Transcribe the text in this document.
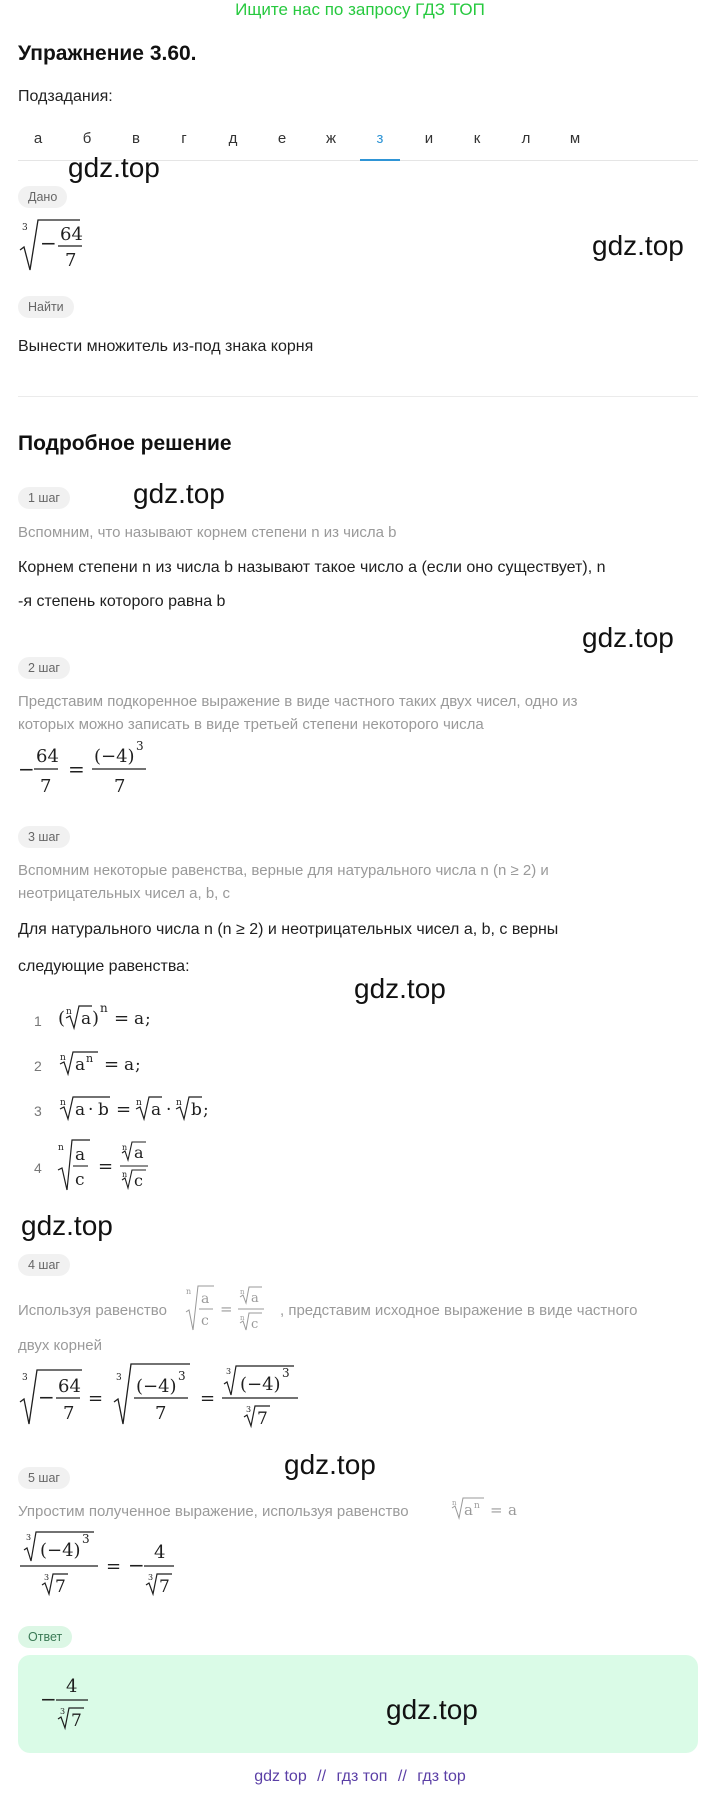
Ищите нас по запросу ГДЗ ТОП
Упражнение 3.60.
Подзадания:
а	б	в	г	д	е	ж	з	и	к	л	м
gdz.top
Дано
3
− 64
7	gdz.top
Найти
Вынести множитель из-под знака корня
Подробное решение
1 шаг	gdz.top
Вспомним, что называют корнем степени n из числа b
Корнем степени n из числа b называют такое число a (если оно существует), n
-я степень которого равна b
gdz.top
2 шаг
Представим подкоренное выражение в виде частного таких двух чисел, одно из
которых можно записать в виде третьей степени некоторого числа
−
64
7
=
(−4) 3
7
3 шаг
Вспомним некоторые равенства, верные для натурального числа n (n ≥ 2) и
неотрицательных чисел a, b, c
Для натурального числа n (n ≥ 2) и неотрицательных чисел a, b, c верны
следующие равенства:
gdz.top
1 ( n a ) n = a ;
2 n a n = a ;
3 n a · b = n a · n b ;
4
n a
c
=
n a
n c
gdz.top
4 шаг
Используя равенство
n a
c
=
n a
n c
, представим исходное выражение в виде частного
двух корней
3
− 64
7
=
3 (−4) 3
7
=
3
(−4)
3
3 7
gdz.top
5 шаг
Упростим полученное выражение, используя равенство	n a n = a
3
(−4)
3
3 7
= −
4
3 7
Ответ
−
4
3 7	gdz.top
gdz top // гдз топ // гдз top
